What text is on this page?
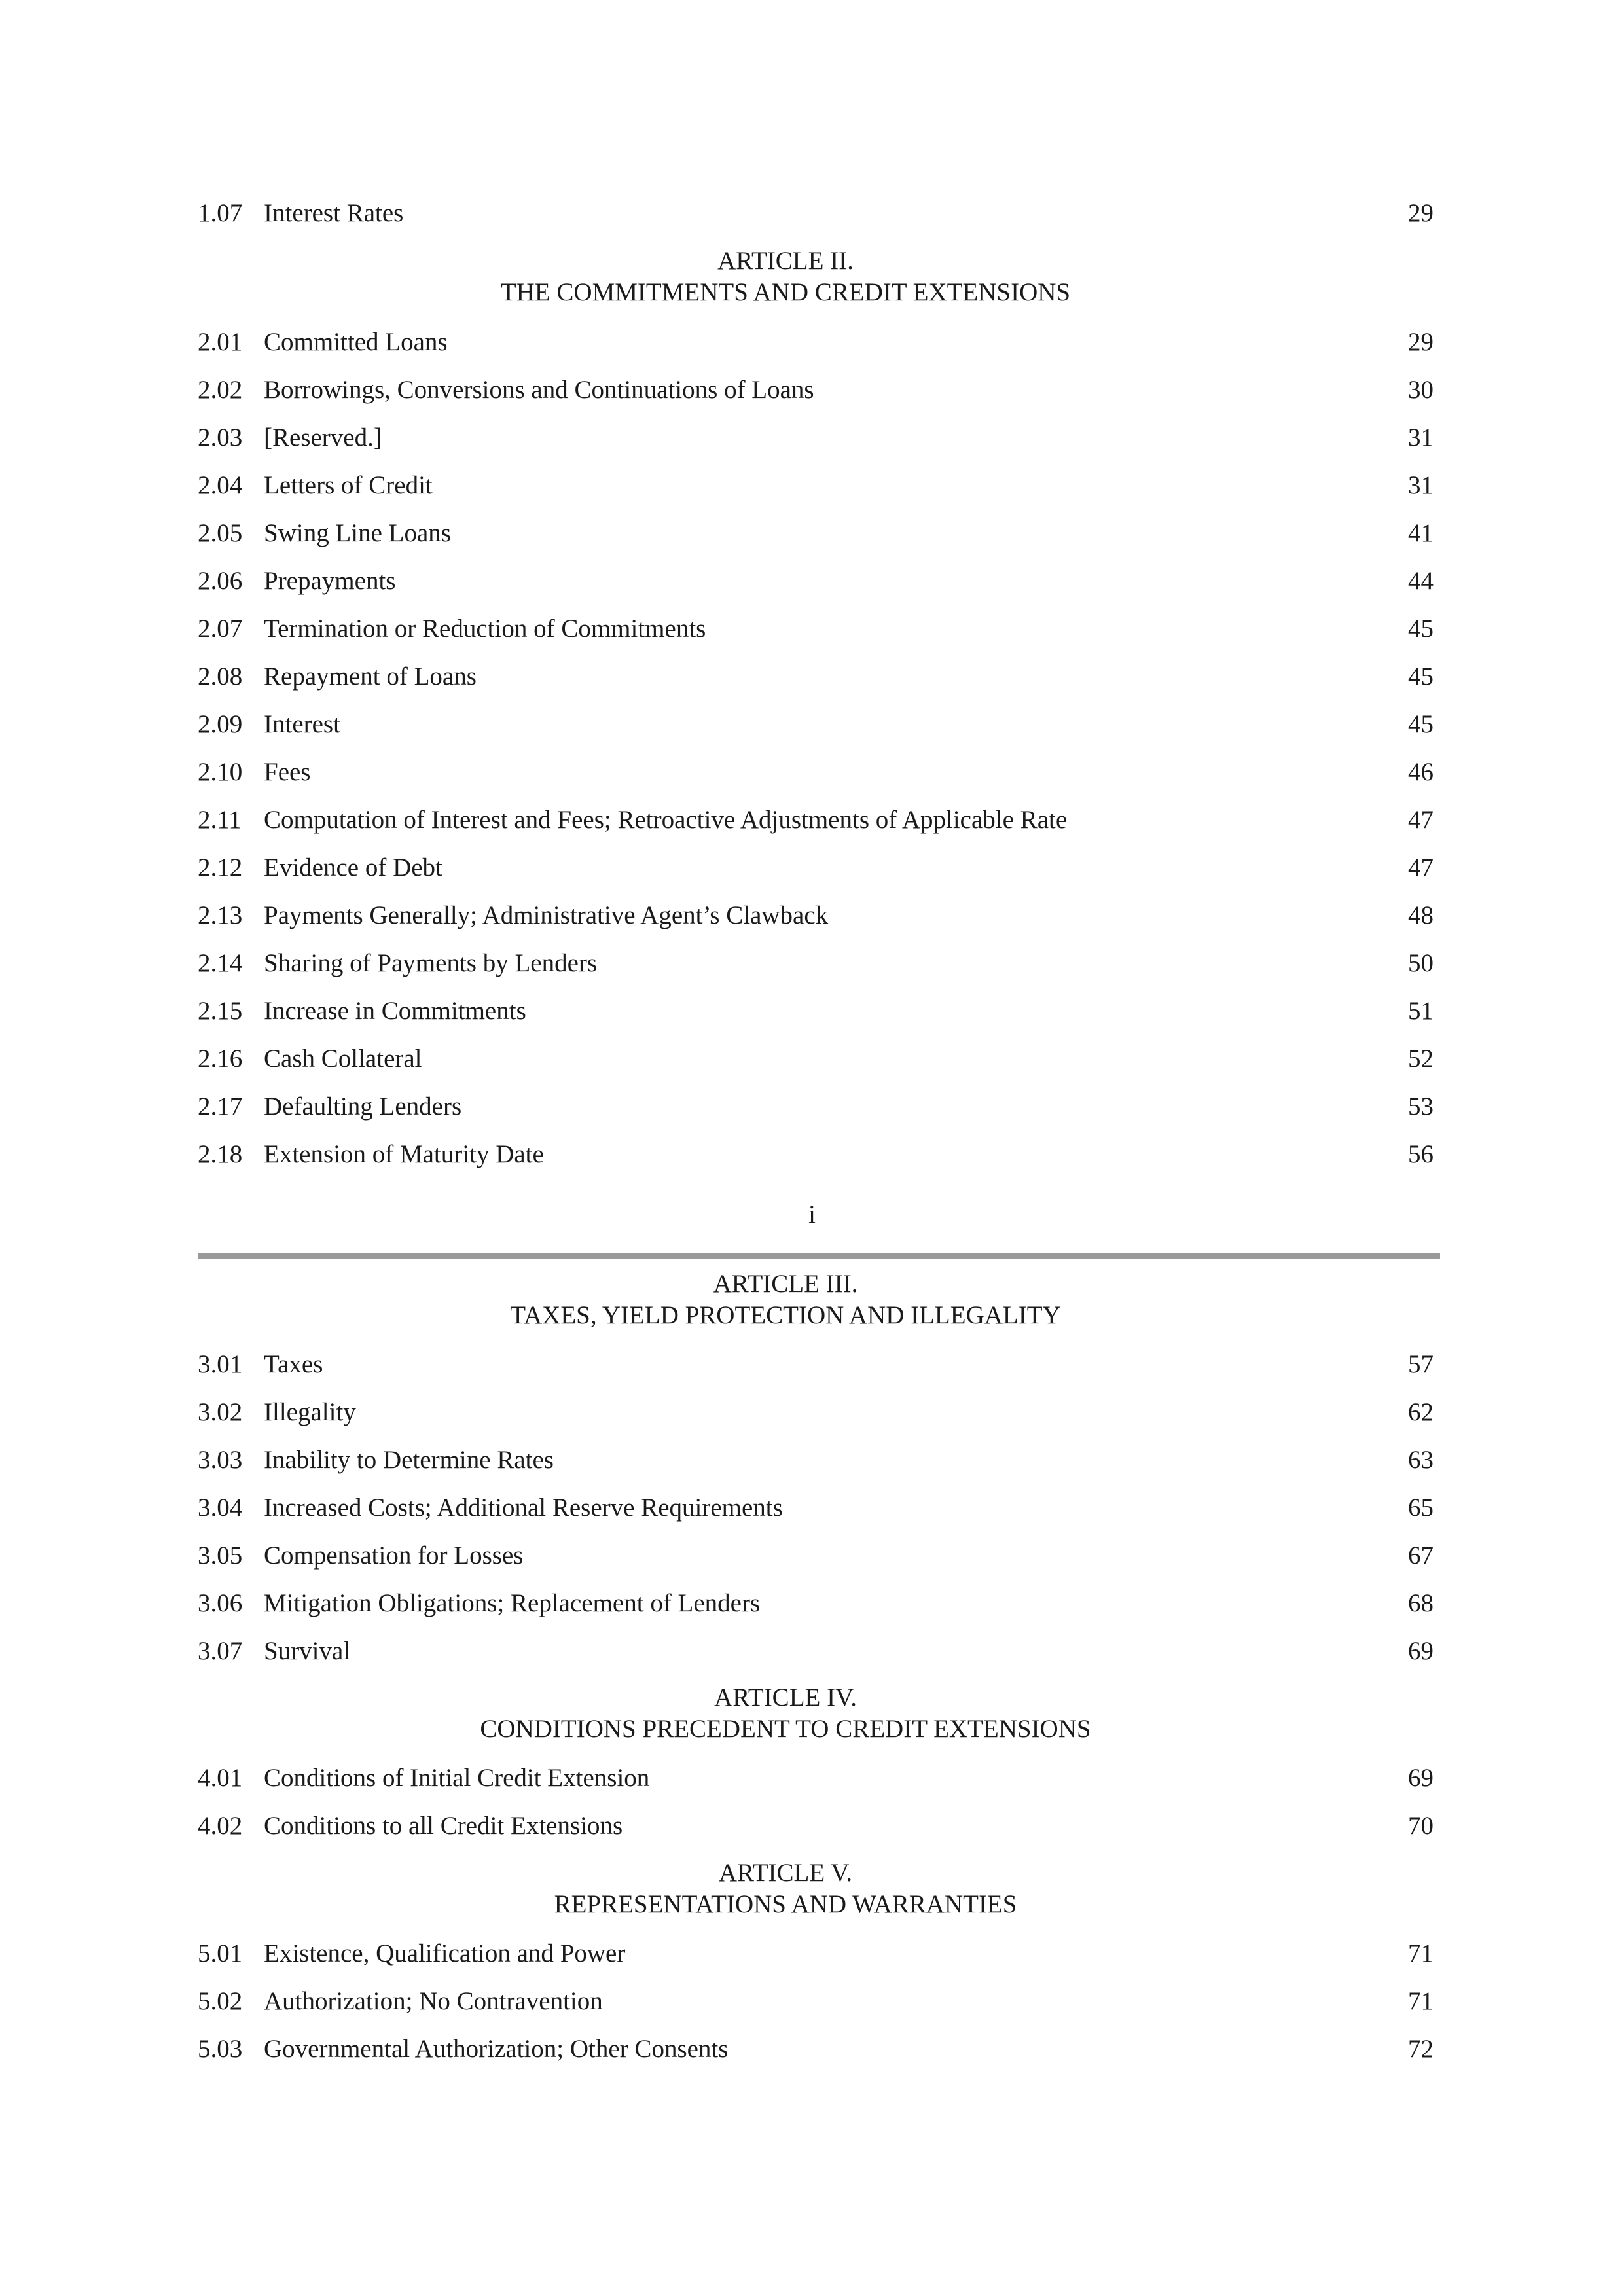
1.07 Interest Rates	29
ARTICLE II.
THE COMMITMENTS AND CREDIT EXTENSIONS
2.01 Committed Loans	29
2.02 Borrowings, Conversions and Continuations of Loans	30
2.03 [Reserved.]	31
2.04 Letters of Credit	31
2.05 Swing Line Loans	41
2.06 Prepayments	44
2.07 Termination or Reduction of Commitments	45
2.08 Repayment of Loans	45
2.09 Interest	45
2.10 Fees	46
2.11 Computation of Interest and Fees; Retroactive Adjustments of Applicable Rate	47
2.12 Evidence of Debt	47
2.13 Payments Generally; Administrative Agent’s Clawback	48
2.14 Sharing of Payments by Lenders	50
2.15 Increase in Commitments	51
2.16 Cash Collateral	52
2.17 Defaulting Lenders	53
2.18 Extension of Maturity Date	56
i
ARTICLE III.
TAXES, YIELD PROTECTION AND ILLEGALITY
3.01 Taxes	57
3.02 Illegality	62
3.03 Inability to Determine Rates	63
3.04 Increased Costs; Additional Reserve Requirements	65
3.05 Compensation for Losses	67
3.06 Mitigation Obligations; Replacement of Lenders	68
3.07 Survival	69
ARTICLE IV.
CONDITIONS PRECEDENT TO CREDIT EXTENSIONS
4.01 Conditions of Initial Credit Extension	69
4.02 Conditions to all Credit Extensions	70
ARTICLE V.
REPRESENTATIONS AND WARRANTIES
5.01 Existence, Qualification and Power	71
5.02 Authorization; No Contravention	71
5.03 Governmental Authorization; Other Consents	72
